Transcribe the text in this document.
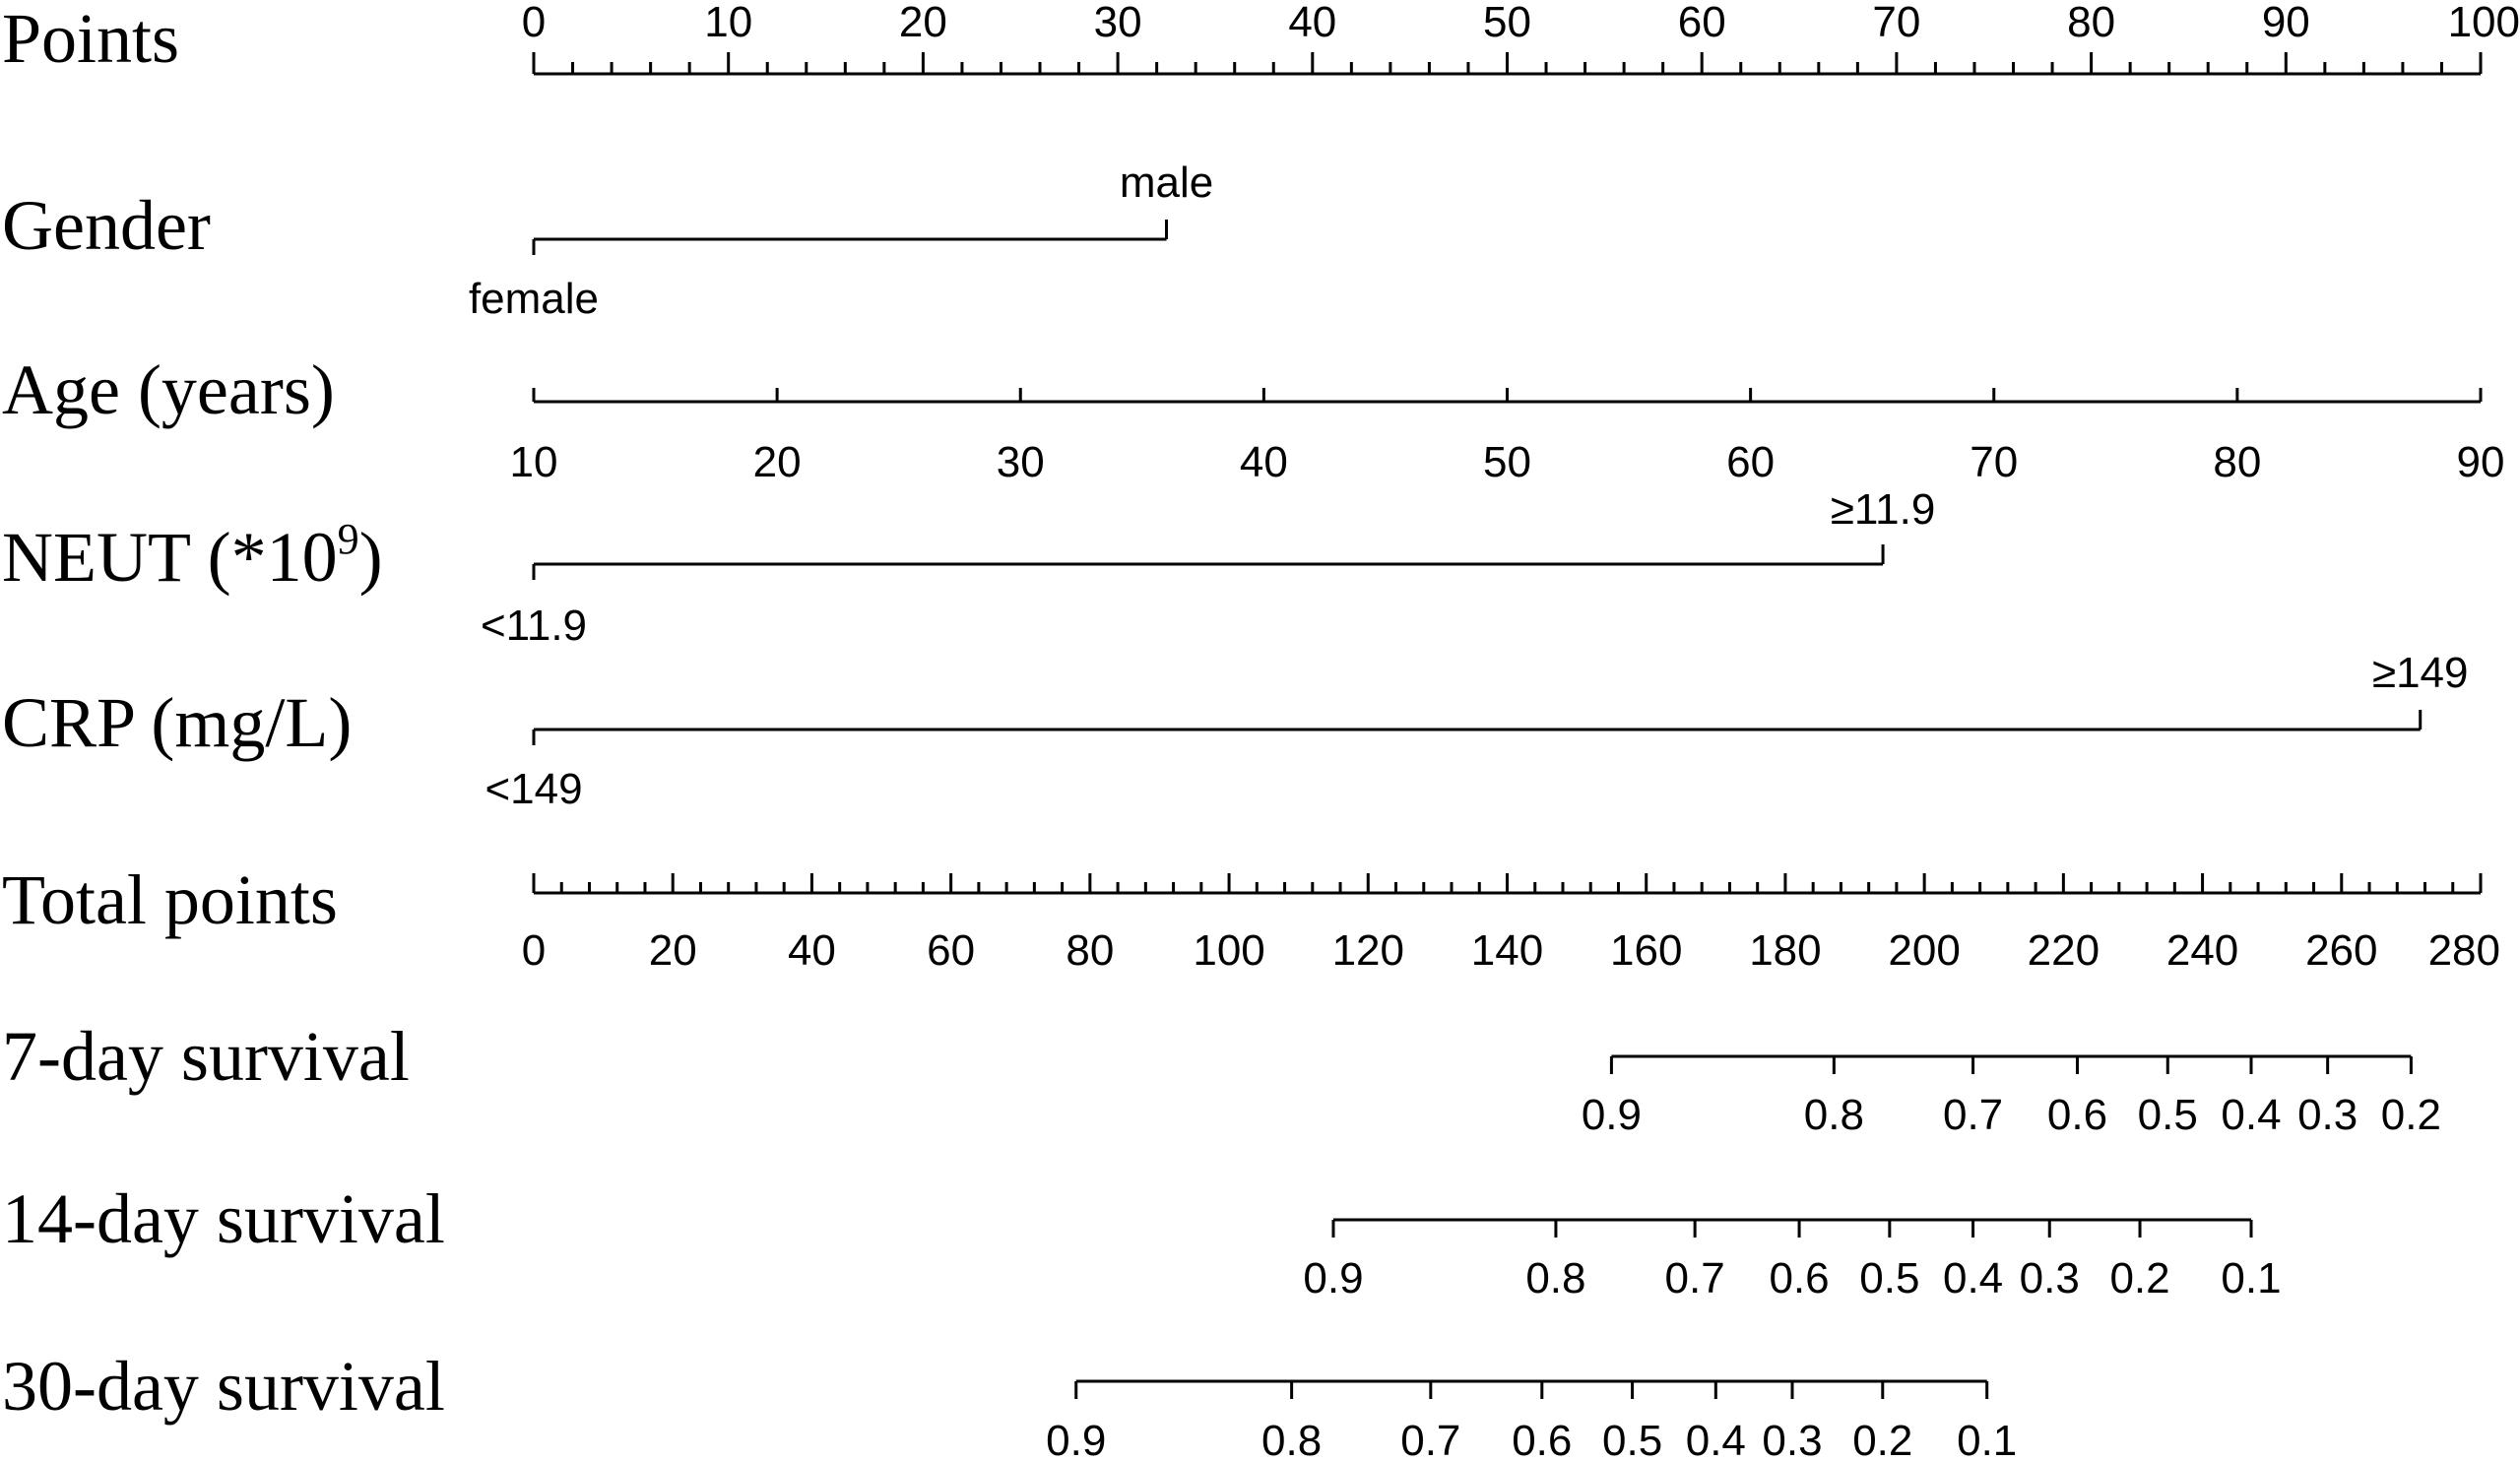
Points
Gender
Age (years)
NEUT $(*10^9)$
CRP (mg/L)
Total points
7-day survival
14-day survival
30-day survival
0	10	20	30	40	50	60	70	80	90	100
female
male
10	20	30	40	50	60	70	80	90
<11.9
≥11.9
<149
≥149
0 20 40 60 80 100 120 140 160 180 200 220 240 260 280
0.9	0.8 0.7 0.6 0.5 0.4 0.3 0.2
0.9	0.8 0.7 0.6 0.5 0.4 0.3 0.2 0.1
0.9	0.8 0.7 0.6 0.5 0.4 0.3 0.2 0.1
